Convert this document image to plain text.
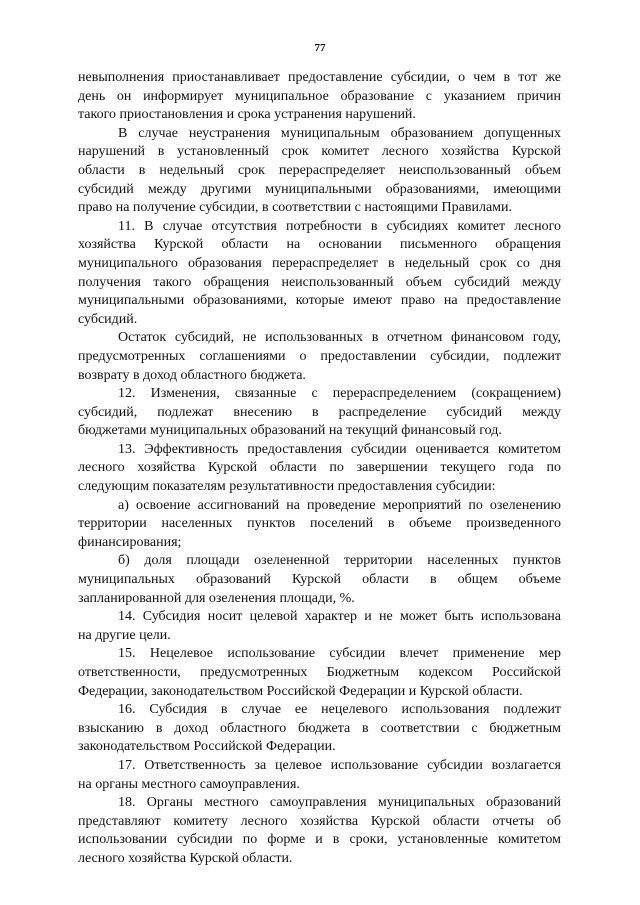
77
невыполнения приостанавливает предоставление субсидии, о чем в тот же
день он информирует муниципальное образование с указанием причин
такого приостановления и срока устранения нарушений.
В случае неустранения муниципальным образованием допущенных
нарушений в установленный срок комитет лесного хозяйства Курской
области в недельный срок перераспределяет неиспользованный объем
субсидий между другими муниципальными образованиями, имеющими
право на получение субсидии, в соответствии с настоящими Правилами.
11. В случае отсутствия потребности в субсидиях комитет лесного
хозяйства Курской области на основании письменного обращения
муниципального образования перераспределяет в недельный срок со дня
получения такого обращения неиспользованный объем субсидий между
муниципальными образованиями, которые имеют право на предоставление
субсидий.
Остаток субсидий, не использованных в отчетном финансовом году,
предусмотренных соглашениями о предоставлении субсидии, подлежит
возврату в доход областного бюджета.
12. Изменения, связанные с перераспределением (сокращением)
субсидий, подлежат внесению в распределение субсидий между
бюджетами муниципальных образований на текущий финансовый год.
13. Эффективность предоставления субсидии оценивается комитетом
лесного хозяйства Курской области по завершении текущего года по
следующим показателям результативности предоставления субсидии:
а) освоение ассигнований на проведение мероприятий по озеленению
территории населенных пунктов поселений в объеме произведенного
финансирования;
б) доля площади озелененной территории населенных пунктов
муниципальных образований Курской области в общем объеме
запланированной для озеленения площади, %.
14. Субсидия носит целевой характер и не может быть использована
на другие цели.
15. Нецелевое использование субсидии влечет применение мер
ответственности, предусмотренных Бюджетным кодексом Российской
Федерации, законодательством Российской Федерации и Курской области.
16. Субсидия в случае ее нецелевого использования подлежит
взысканию в доход областного бюджета в соответствии с бюджетным
законодательством Российской Федерации.
17. Ответственность за целевое использование субсидии возлагается
на органы местного самоуправления.
18. Органы местного самоуправления муниципальных образований
представляют комитету лесного хозяйства Курской области отчеты об
использовании субсидии по форме и в сроки, установленные комитетом
лесного хозяйства Курской области.
